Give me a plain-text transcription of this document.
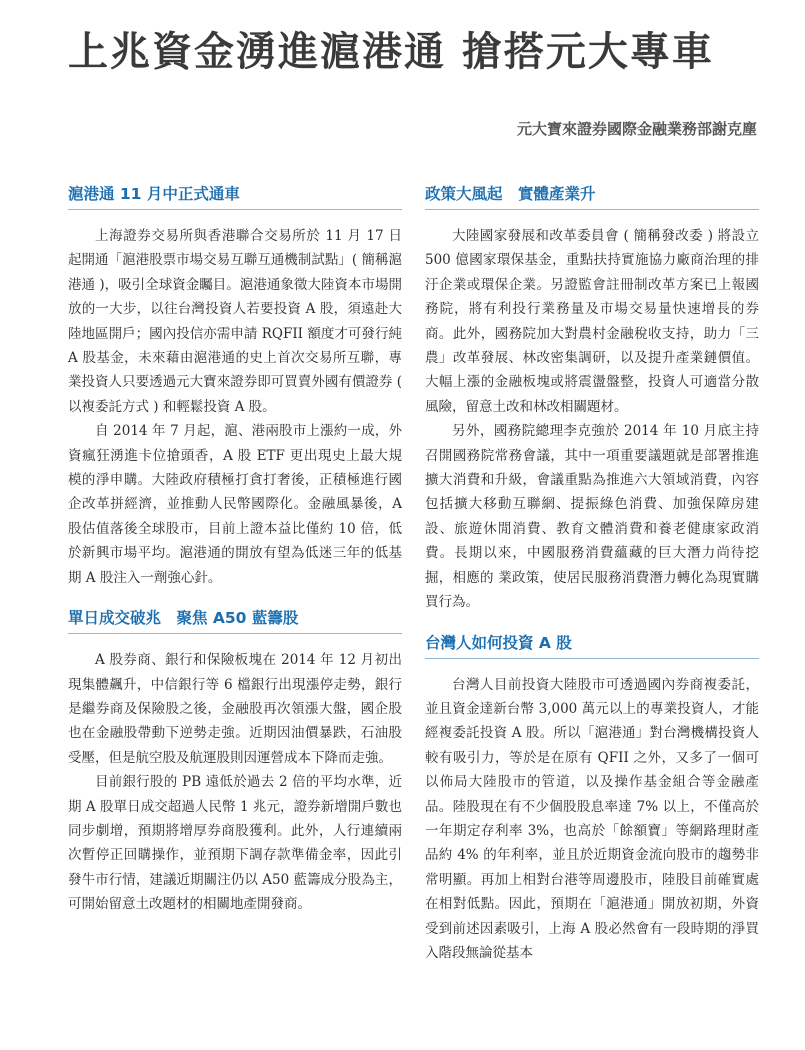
上兆資金湧進滬港通 搶搭元大專車
元大寶來證券國際金融業務部謝克塵
滬港通 11 月中正式通車

上海證券交易所與香港聯合交易所於 11 月 17 日起開通「滬港股票市場交易互聯互通機制試點」( 簡稱滬港通 )，吸引全球資金矚目。滬港通象徵大陸資本市場開放的一大步，以往台灣投資人若要投資 A 股，須遠赴大陸地區開戶；國內投信亦需申請 RQFII 額度才可發行純 A 股基金，未來藉由滬港通的史上首次交易所互聯，專業投資人只要透過元大寶來證券即可買賣外國有價證券 ( 以複委託方式 ) 和輕鬆投資 A 股。

自 2014 年 7 月起，滬、港兩股市上漲約一成，外資瘋狂湧進卡位搶頭香，A 股 ETF 更出現史上最大規模的淨申購。大陸政府積極打貪打奢後，正積極進行國企改革拼經濟，並推動人民幣國際化。金融風暴後，A 股估值落後全球股市，目前上證本益比僅約 10 倍，低於新興市場平均。滬港通的開放有望為低迷三年的低基期 A 股注入一劑強心針。

單日成交破兆　聚焦 A50 藍籌股

A 股券商、銀行和保險板塊在 2014 年 12 月初出現集體飆升，中信銀行等 6 檔銀行出現漲停走勢，銀行是繼券商及保險股之後，金融股再次領漲大盤，國企股也在金融股帶動下逆勢走強。近期因油價暴跌，石油股受壓，但是航空股及航運股則因運營成本下降而走強。

目前銀行股的 PB 遠低於過去 2 倍的平均水準，近期 A 股單日成交超過人民幣 1 兆元，證券新增開戶數也同步劇增，預期將增厚券商股獲利。此外，人行連續兩次暫停正回購操作，並預期下調存款準備金率，因此引發牛市行情，建議近期關注仍以 A50 藍籌成分股為主，可開始留意土改題材的相關地產開發商。

政策大風起　實體產業升

大陸國家發展和改革委員會 ( 簡稱發改委 ) 將設立 500 億國家環保基金，重點扶持實施協力廠商治理的排汙企業或環保企業。另證監會註冊制改革方案已上報國務院，將有利投行業務量及市場交易量快速增長的券商。此外，國務院加大對農村金融稅收支持，助力「三農」改革發展、林改密集調研，以及提升產業鏈價值。大幅上漲的金融板塊或將震盪盤整，投資人可適當分散風險，留意土改和林改相關題材。

另外，國務院總理李克強於 2014 年 10 月底主持召開國務院常務會議，其中一項重要議題就是部署推進擴大消費和升級，會議重點為推進六大領域消費，內容包括擴大移動互聯網、提振綠色消費、加強保障房建設、旅遊休閒消費、教育文體消費和養老健康家政消費。長期以來，中國服務消費蘊藏的巨大潛力尚待挖掘，相應的 業政策，使居民服務消費潛力轉化為現實購買行為。

台灣人如何投資 A 股

台灣人目前投資大陸股市可透過國內券商複委託，並且資金達新台幣 3,000 萬元以上的專業投資人，才能經複委託投資 A 股。所以「滬港通」對台灣機構投資人較有吸引力，等於是在原有 QFII 之外，又多了一個可以佈局大陸股市的管道，以及操作基金組合等金融產品。陸股現在有不少個股股息率達 7% 以上，不僅高於一年期定存利率 3%，也高於「餘額寶」等網路理財產品約 4% 的年利率，並且於近期資金流向股市的趨勢非常明顯。再加上相對台港等周邊股市，陸股目前確實處在相對低點。因此，預期在「滬港通」開放初期，外資受到前述因素吸引，上海 A 股必然會有一段時期的淨買入階段無論從基本
